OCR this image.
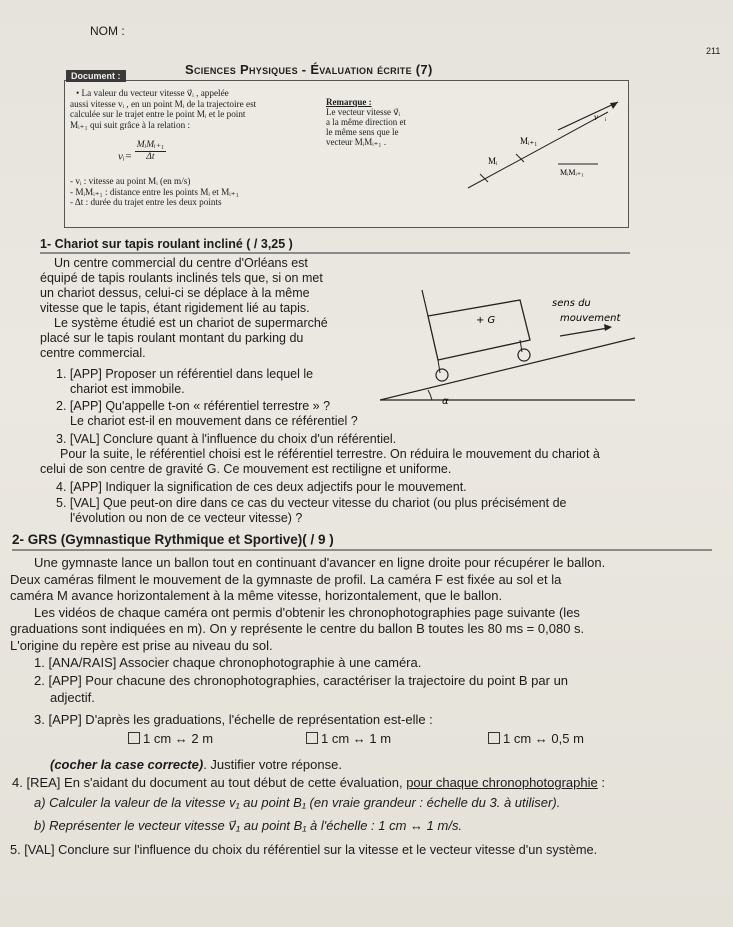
NOM :
211
Sciences Physiques - Évaluation écrite (7)
Document :
• La valeur du vecteur vitesse v⃗ᵢ , appelée
aussi vitesse vᵢ , en un point Mᵢ de la trajectoire est
calculée sur le trajet entre le point Mᵢ et le point
Mᵢ₊₁ qui suit grâce à la relation :
vᵢ=
MᵢMᵢ₊₁
Δt
- vᵢ : vitesse au point Mᵢ (en m/s)
- MᵢMᵢ₊₁ : distance entre les points Mᵢ et Mᵢ₊₁
- Δt : durée du trajet entre les deux points
Remarque :
Le vecteur vitesse v⃗ᵢ
a la même direction et
le même sens que le
vecteur MᵢMᵢ₊₁ .
v⃗ᵢ
Mᵢ₊₁
Mᵢ
MᵢMᵢ₊₁
1- Chariot sur tapis roulant incliné ( / 3,25 )
Un centre commercial du centre d'Orléans est
équipé de tapis roulants inclinés tels que, si on met
un chariot dessus, celui-ci se déplace à la même
vitesse que le tapis, étant rigidement lié au tapis.
Le système étudié est un chariot de supermarché
placé sur le tapis roulant montant du parking du
centre commercial.
1. [APP] Proposer un référentiel dans lequel le
chariot est immobile.
2. [APP] Qu'appelle t-on « référentiel terrestre » ?
Le chariot est-il en mouvement dans ce référentiel ?
3. [VAL] Conclure quant à l'influence du choix d'un référentiel.
Pour la suite, le référentiel choisi est le référentiel terrestre. On réduira le mouvement du chariot à
celui de son centre de gravité G. Ce mouvement est rectiligne et uniforme.
4. [APP] Indiquer la signification de ces deux adjectifs pour le mouvement.
5. [VAL] Que peut-on dire dans ce cas du vecteur vitesse du chariot (ou plus précisément de
l'évolution ou non de ce vecteur vitesse) ?
+ G
α
sens du
mouvement
2- GRS (Gymnastique Rythmique et Sportive)( / 9 )
Une gymnaste lance un ballon tout en continuant d'avancer en ligne droite pour récupérer le ballon.
Deux caméras filment le mouvement de la gymnaste de profil. La caméra F est fixée au sol et la
caméra M avance horizontalement à la même vitesse, horizontalement, que le ballon.
Les vidéos de chaque caméra ont permis d'obtenir les chronophotographies page suivante (les
graduations sont indiquées en m). On y représente le centre du ballon B toutes les 80 ms = 0,080 s.
L'origine du repère est prise au niveau du sol.
1. [ANA/RAIS] Associer chaque chronophotographie à une caméra.
2. [APP] Pour chacune des chronophotographies, caractériser la trajectoire du point B par un
adjectif.
3. [APP] D'après les graduations, l'échelle de représentation est-elle :
1 cm ↔ 2 m	1 cm ↔ 1 m	1 cm ↔ 0,5 m
(cocher la case correcte). Justifier votre réponse.
4. [REA] En s'aidant du document au tout début de cette évaluation, pour chaque chronophotographie :
a) Calculer la valeur de la vitesse v₁ au point B₁ (en vraie grandeur : échelle du 3. à utiliser).
b) Représenter le vecteur vitesse v⃗₁ au point B₁ à l'échelle : 1 cm ↔ 1 m/s.
5. [VAL] Conclure sur l'influence du choix du référentiel sur la vitesse et le vecteur vitesse d'un système.
